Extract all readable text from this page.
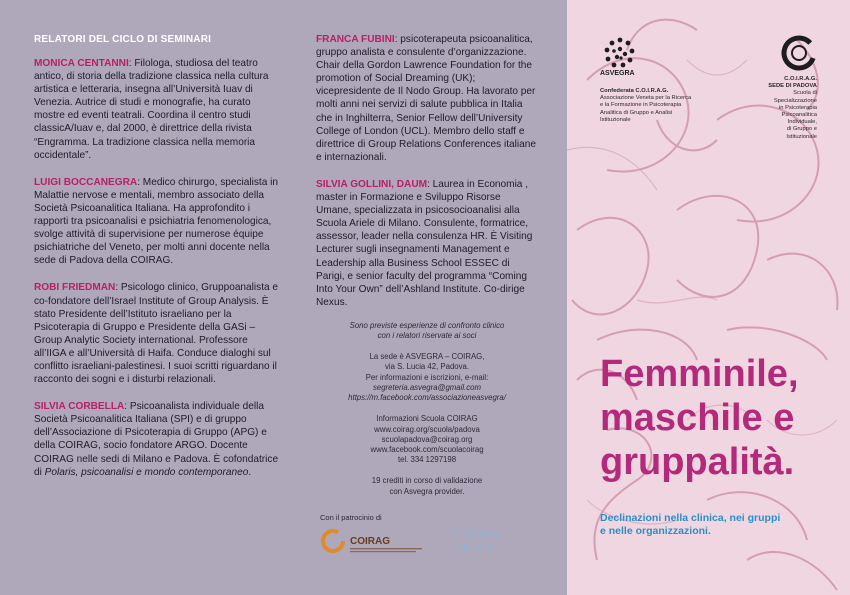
RELATORI DEL CICLO DI SEMINARI

MONICA CENTANNI: Filologa, studiosa del teatro antico, di storia della tradizione classica nella cultura artistica e letteraria, insegna all’Università Iuav di Venezia. Autrice di studi e monografie, ha curato mostre ed eventi teatrali. Coordina il centro studi classicA/Iuav e, dal 2000, è direttrice della rivista “Engramma. La tradizione classica nella memoria occidentale”.

LUIGI BOCCANEGRA: Medico chirurgo, specialista in Malattie nervose e mentali, membro associato della Società Psicoanalitica Italiana. Ha approfondito i rapporti tra psicoanalisi e psichiatria fenomenologica, svolge attività di supervisione per numerose équipe psichiatriche del Veneto, per molti anni docente nella sede di Padova della COIRAG.

ROBI FRIEDMAN: Psicologo clinico, Gruppoanalista e co-fondatore dell’Israel Institute of Group Analysis. È stato Presidente dell’Istituto israeliano per la Psicoterapia di Gruppo e Presidente della GASi – Group Analytic Society international. Professore all’IIGA e all’Università di Haifa. Conduce dialoghi sul conflitto israeliani-palestinesi. I suoi scritti riguardano il racconto dei sogni e i disturbi relazionali.

SILVIA CORBELLA: Psicoanalista individuale della Società Psicoanalitica Italiana (SPI) e di gruppo dell’Associazione di Psicoterapia di Gruppo (APG) e della COIRAG, socio fondatore ARGO. Docente COIRAG nelle sedi di Milano e Padova. È cofondatrice di Polaris, psicoanalisi e mondo contemporaneo.

FRANCA FUBINI: psicoterapeuta psicoanalitica, gruppo analista e consulente d’organizzazione. Chair della Gordon Lawrence Foundation for the promotion of Social Dreaming (UK); vicepresidente de Il Nodo Group. Ha lavorato per molti anni nei servizi di salute pubblica in Italia che in Inghilterra, Senior Fellow dell’University College of London (UCL). Membro dello staff e direttrice di Group Relations Conferences italiane e internazionali.

SILVIA GOLLINI, DAUM: Laurea in Economia , master in Formazione e Sviluppo Risorse Umane, specializzata in psicosocioanalisi alla Scuola Ariele di Milano. Consulente, formatrice, assessor, leader nella consulenza HR. È Visiting Lecturer sugli insegnamenti Management e Leadership alla Business School ESSEC di Parigi, e senior faculty del programma “Coming Into Your Own” dell’Ashland Institute. Co-dirige Nexus.

Sono previste esperienze di confronto clinico
con i relatori riservate ai soci

La sede è ASVEGRA – COIRAG,
via S. Lucia 42, Padova.
Per informazioni e iscrizioni, e-mail:
segreteria.asvegra@gmail.com
https://m.facebook.com/associazioneasvegra/

Informazioni Scuola COIRAG
www.coirag.org/scuola/padova
scuolapadova@coirag.org
www.facebook.com/scuolacoirag
tel. 334 1297198

19 crediti in corso di validazione
con Asvegra provider.

Con il patrocinio di
COIRAG
IL NODO
GROUP
ASVEGRA
Confederata C.O.I.R.A.G.
Associazione Veneta per la Ricerca
e la Formazione in Psicoterapia
Analitica di Gruppo e Analisi
Istituzionale
C.O.I.R.A.G.
SEDE DI PADOVA
Scuola di
Specializzazione
in Psicoterapia
Psicoanalitica
Individuale,
di Gruppo e
Istituzionale
Femminile,
maschile e
gruppalità.

Declinazioni nella clinica, nei gruppi
e nelle organizzazioni.
